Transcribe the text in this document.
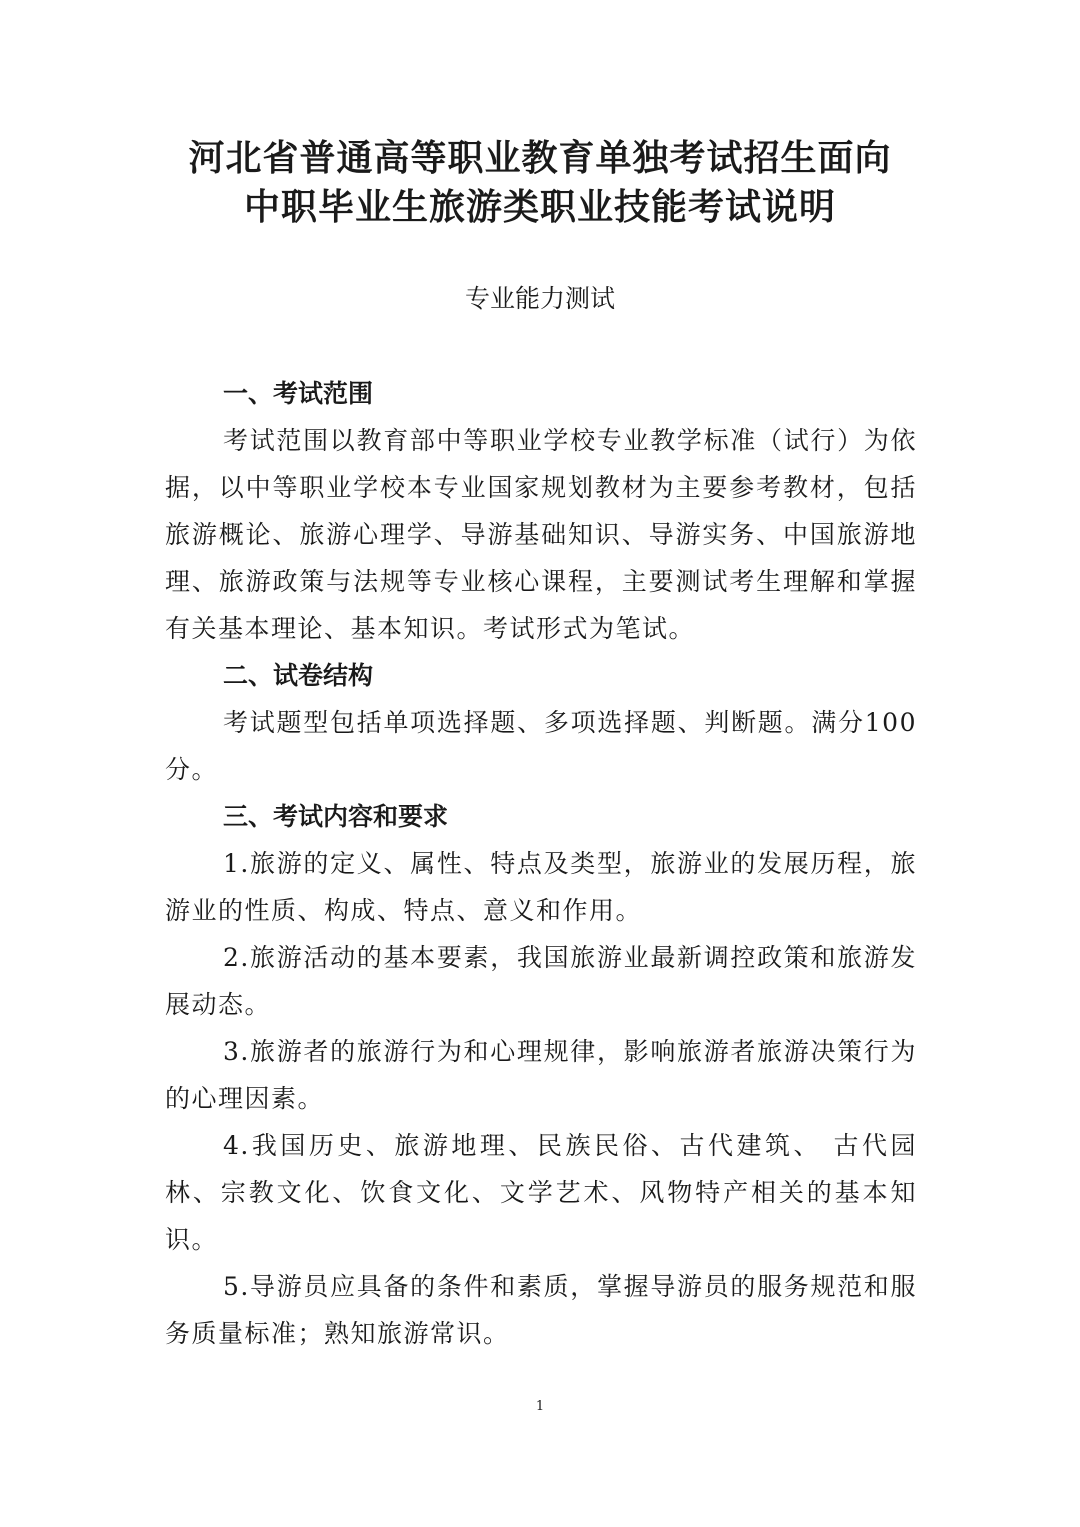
河北省普通高等职业教育单独考试招生面向
中职毕业生旅游类职业技能考试说明
专业能力测试
一、考试范围

考试范围以教育部中等职业学校专业教学标准（试行）为依据，以中等职业学校本专业国家规划教材为主要参考教材，包括旅游概论、旅游心理学、导游基础知识、导游实务、中国旅游地理、旅游政策与法规等专业核心课程，主要测试考生理解和掌握有关基本理论、基本知识。考试形式为笔试。

二、试卷结构

考试题型包括单项选择题、多项选择题、判断题。满分100分。

三、考试内容和要求

1.旅游的定义、属性、特点及类型，旅游业的发展历程，旅游业的性质、构成、特点、意义和作用。

2.旅游活动的基本要素，我国旅游业最新调控政策和旅游发展动态。

3.旅游者的旅游行为和心理规律，影响旅游者旅游决策行为的心理因素。

4.我国历史、旅游地理、民族民俗、古代建筑、 古代园林、宗教文化、饮食文化、文学艺术、风物特产相关的基本知识。

5.导游员应具备的条件和素质，掌握导游员的服务规范和服务质量标准；熟知旅游常识。

1
